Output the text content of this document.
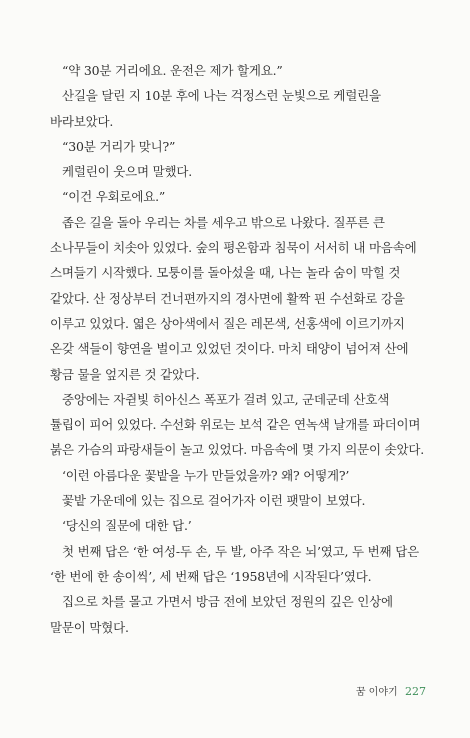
“약 30분 거리에요. 운전은 제가 할게요.”

산길을 달린 지 10분 후에 나는 걱정스런 눈빛으로 케럴린을 바라보았다.

“30분 거리가 맞니?”

케럴린이 웃으며 말했다.

“이건 우회로에요.”

좁은 길을 돌아 우리는 차를 세우고 밖으로 나왔다. 질푸른 큰 소나무들이 치솟아 있었다. 숲의 평온함과 침묵이 서서히 내 마음속에 스며들기 시작했다. 모퉁이를 돌아섰을 때, 나는 놀라 숨이 막힐 것 같았다. 산 정상부터 건너편까지의 경사면에 활짝 핀 수선화로 강을 이루고 있었다. 엷은 상아색에서 질은 레몬색, 선홍색에 이르기까지 온갖 색들이 향연을 벌이고 있었던 것이다. 마치 태양이 넘어져 산에 황금 물을 엎지른 것 같았다.

중앙에는 자쥗빛 히아신스 폭포가 걸려 있고, 군데군데 산호색 튤립이 피어 있었다. 수선화 위로는 보석 같은 연녹색 날개를 파더이며 붉은 가슴의 파랑새들이 놀고 있었다. 마음속에 몇 가지 의문이 솟았다.

‘이런 아름다운 꽃밭을 누가 만들었을까? 왜? 어떻게?’

꽃밭 가운데에 있는 집으로 걸어가자 이런 팻말이 보였다.

‘당신의 질문에 대한 답.’

첫 번째 답은 ‘한 여성-두 손, 두 발, 아주 작은 뇌’였고, 두 번째 답은 ‘한 번에 한 송이씩’, 세 번째 답은 ‘1958년에 시작된다’였다.

집으로 차를 몰고 가면서 방금 전에 보았던 정원의 깊은 인상에 말문이 막혔다.

꿈 이야기 227
